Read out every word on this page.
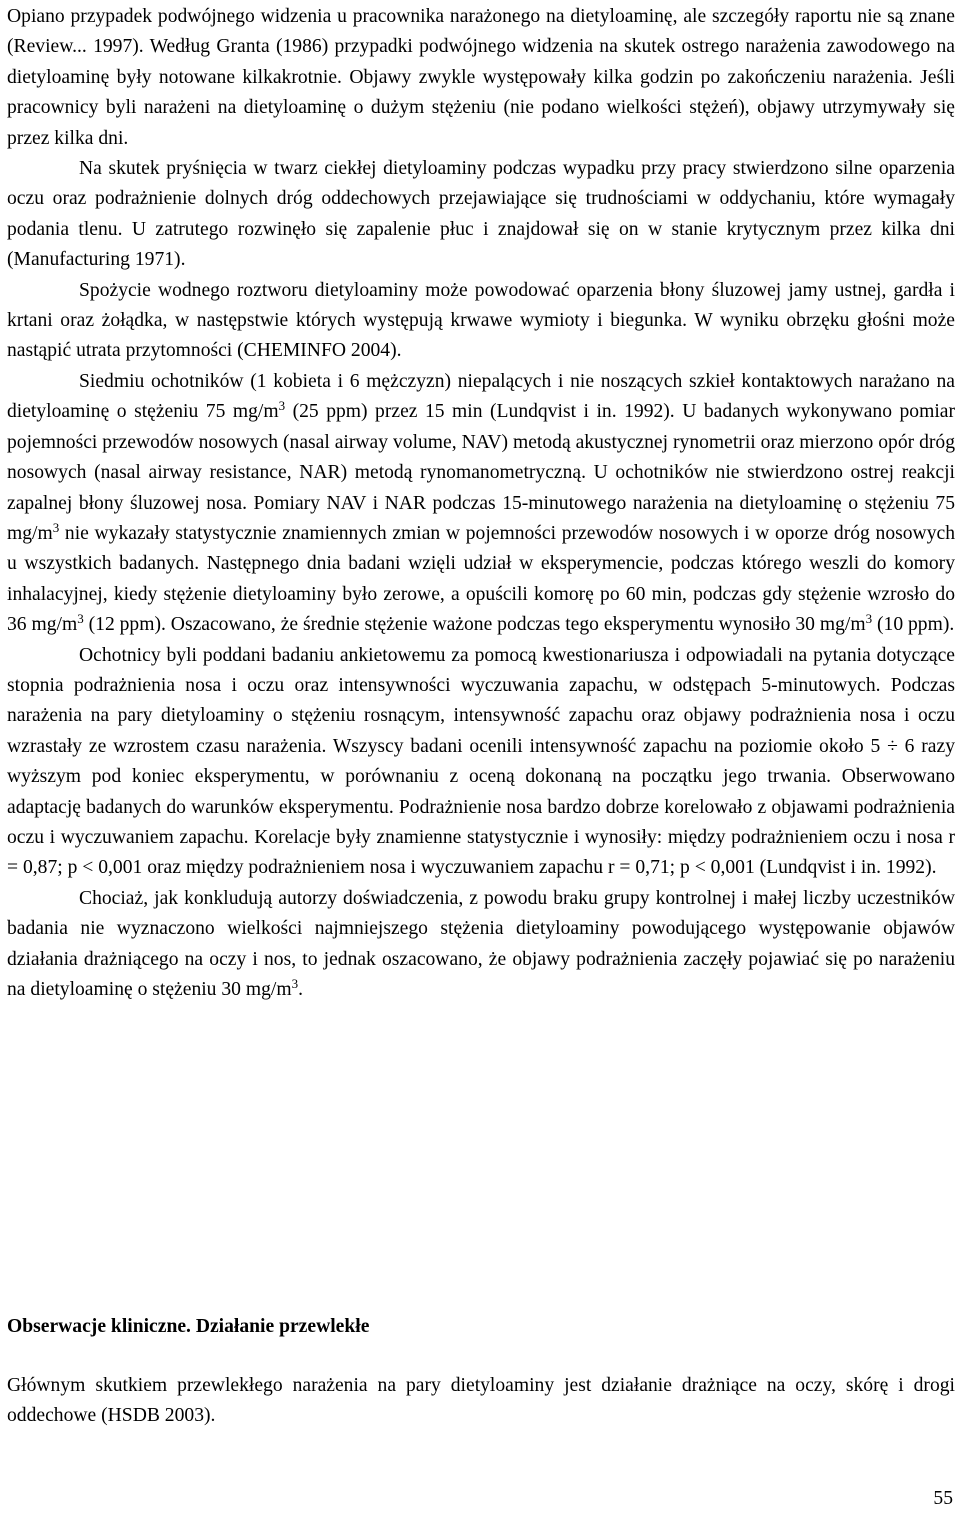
Opiano przypadek podwójnego widzenia u pracownika narażonego na dietyloaminę, ale szczegóły raportu nie są znane (Review... 1997). Według Granta (1986) przypadki podwójnego widzenia na skutek ostrego narażenia zawodowego na dietyloaminę były notowane kilkakrotnie. Objawy zwykle występowały kilka godzin po zakończeniu narażenia. Jeśli pracownicy byli narażeni na dietyloaminę o dużym stężeniu (nie podano wielkości stężeń), objawy utrzymywały się przez kilka dni.

Na skutek pryśnięcia w twarz ciekłej dietyloaminy podczas wypadku przy pracy stwierdzono silne oparzenia oczu oraz podrażnienie dolnych dróg oddechowych przejawiające się trudnościami w oddychaniu, które wymagały podania tlenu. U zatrutego rozwinęło się zapalenie płuc i znajdował się on w stanie krytycznym przez kilka dni (Manufacturing 1971).

Spożycie wodnego roztworu dietyloaminy może powodować oparzenia błony śluzowej jamy ustnej, gardła i krtani oraz żołądka, w następstwie których występują krwawe wymioty i biegunka. W wyniku obrzęku głośni może nastąpić utrata przytomności (CHEMINFO 2004).

Siedmiu ochotników (1 kobieta i 6 mężczyzn) niepalących i nie noszących szkieł kontaktowych narażano na dietyloaminę o stężeniu 75 $mg/m^3$ (25 ppm) przez 15 min (Lundqvist i in. 1992). U badanych wykonywano pomiar pojemności przewodów nosowych (nasal airway volume, NAV) metodą akustycznej rynometrii oraz mierzono opór dróg nosowych (nasal airway resistance, NAR) metodą rynomanometryczną. U ochotników nie stwierdzono ostrej reakcji zapalnej błony śluzowej nosa. Pomiary NAV i NAR podczas 15-minutowego narażenia na dietyloaminę o stężeniu 75 $mg/m^3$ nie wykazały statystycznie znamiennych zmian w pojemności przewodów nosowych i w oporze dróg nosowych u wszystkich badanych. Następnego dnia badani wzięli udział w eksperymencie, podczas którego weszli do komory inhalacyjnej, kiedy stężenie dietyloaminy było zerowe, a opuścili komorę po 60 min, podczas gdy stężenie wzrosło do 36 $mg/m^3$ (12 ppm). Oszacowano, że średnie stężenie ważone podczas tego eksperymentu wynosiło 30 $mg/m^3$ (10 ppm).

Ochotnicy byli poddani badaniu ankietowemu za pomocą kwestionariusza i odpowiadali na pytania dotyczące stopnia podrażnienia nosa i oczu oraz intensywności wyczuwania zapachu, w odstępach 5-minutowych. Podczas narażenia na pary dietyloaminy o stężeniu rosnącym, intensywność zapachu oraz objawy podrażnienia nosa i oczu wzrastały ze wzrostem czasu narażenia. Wszyscy badani ocenili intensywność zapachu na poziomie około 5 ÷ 6 razy wyższym pod koniec eksperymentu, w porównaniu z oceną dokonaną na początku jego trwania. Obserwowano adaptację badanych do warunków eksperymentu. Podrażnienie nosa bardzo dobrze korelowało z objawami podrażnienia oczu i wyczuwaniem zapachu. Korelacje były znamienne statystycznie i wynosiły: między podrażnieniem oczu i nosa r = 0,87; p < 0,001 oraz między podrażnieniem nosa i wyczuwaniem zapachu r = 0,71; p < 0,001 (Lundqvist i in. 1992).

Chociaż, jak konkludują autorzy doświadczenia, z powodu braku grupy kontrolnej i małej liczby uczestników badania nie wyznaczono wielkości najmniejszego stężenia dietyloaminy powodującego występowanie objawów działania drażniącego na oczy i nos, to jednak oszacowano, że objawy podrażnienia zaczęły pojawiać się po narażeniu na dietyloaminę o stężeniu 30 $mg/m^3$.

Obserwacje kliniczne. Działanie przewlekłe

Głównym skutkiem przewlekłego narażenia na pary dietyloaminy jest działanie drażniące na oczy, skórę i drogi oddechowe (HSDB 2003).

55
